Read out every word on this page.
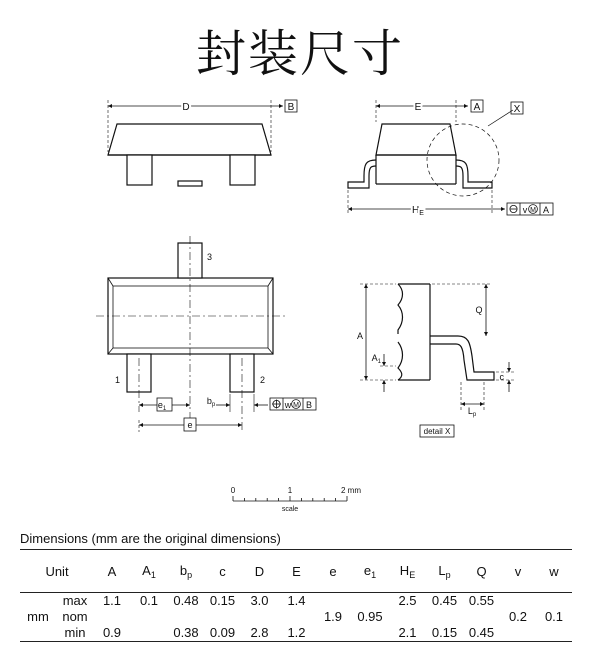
封装尺寸
D	B	E	A	X
$H_E$	v M A
3
1	2
$e_1$
$b_p$
e
w M B
Q
A
$A_1$
c
$L_p$
detail X
0	1	2 mm
scale
Dimensions (mm are the original dimensions)
Unit		A	$A_1$	$b_p$	c	D	E	e	$e_1$	$H_E$	$L_p$	Q	v	w
mm	max	1.1	0.1	0.48	0.15	3.0	1.4			2.5	0.45	0.55		
	nom							1.9	0.95				0.2	0.1
	min	0.9		0.38	0.09	2.8	1.2			2.1	0.15	0.45		
